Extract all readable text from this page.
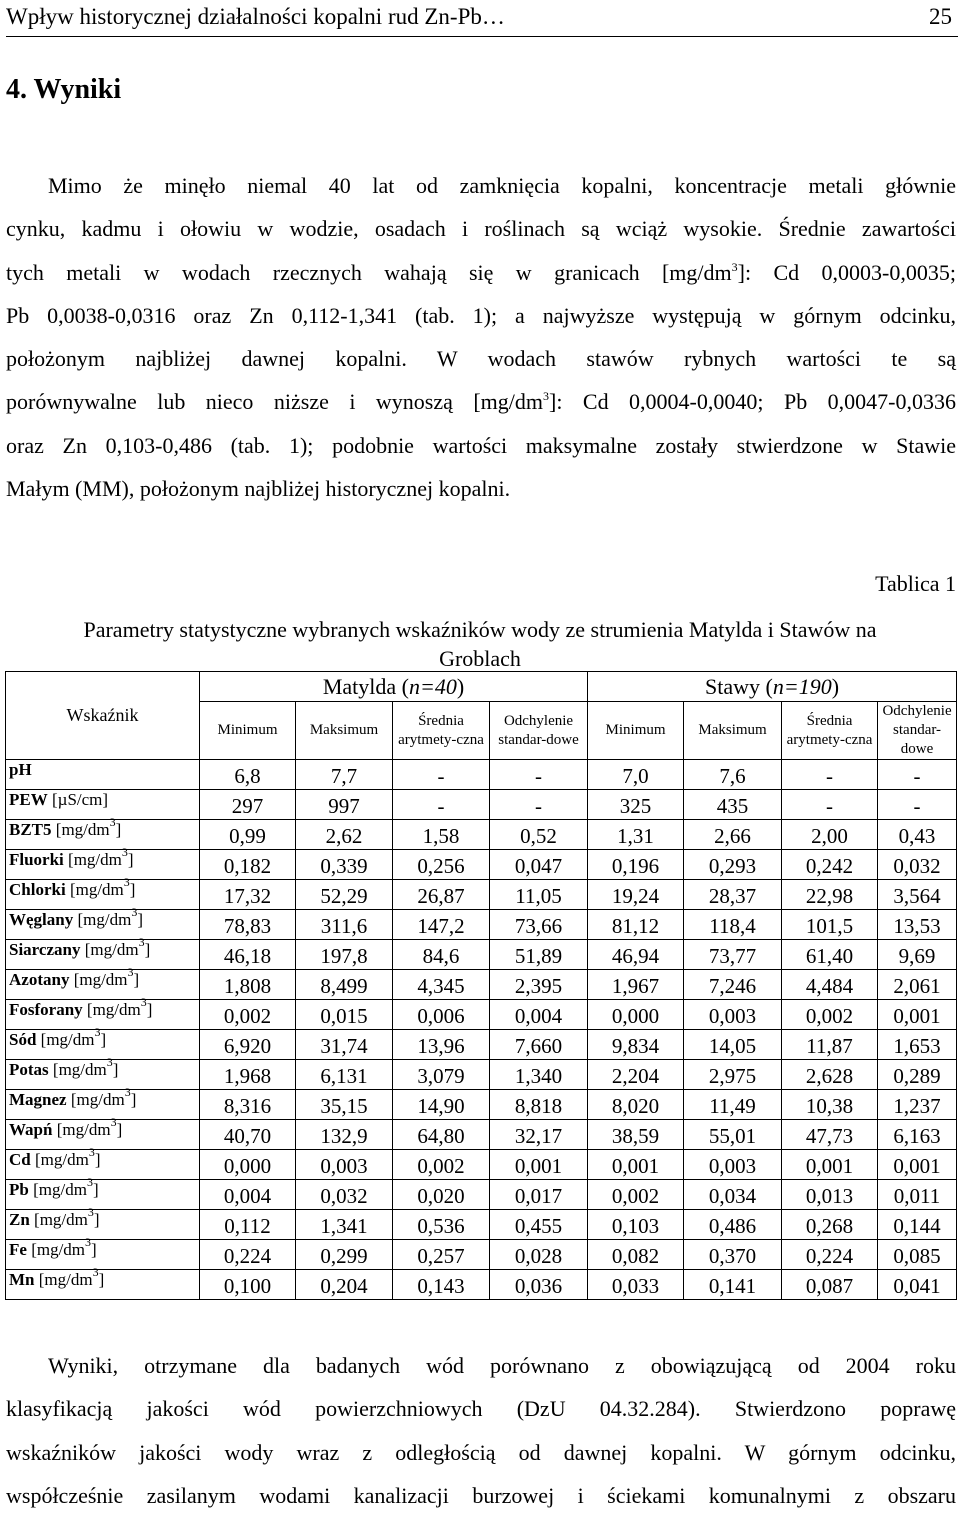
Wpływ historycznej działalności kopalni rud Zn-Pb…	25
4. Wyniki
Mimo że minęło niemal 40 lat od zamknięcia kopalni, koncentracje metali głównie
cynku, kadmu i ołowiu w wodzie, osadach i roślinach są wciąż wysokie. Średnie zawartości
tych metali w wodach rzecznych wahają się w granicach $[mg/dm^3]$: Cd 0,0003-0,0035;
Pb 0,0038-0,0316 oraz Zn 0,112-1,341 (tab. 1); a najwyższe występują w górnym odcinku,
położonym najbliżej dawnej kopalni. W wodach stawów rybnych wartości te są
porównywalne lub nieco niższe i wynoszą $[mg/dm^3]$: Cd 0,0004-0,0040; Pb 0,0047-0,0336
oraz Zn 0,103-0,486 (tab. 1); podobnie wartości maksymalne zostały stwierdzone w Stawie
Małym (MM), położonym najbliżej historycznej kopalni.
Tablica 1
Parametry statystyczne wybranych wskaźników wody ze strumienia Matylda i Stawów na
Groblach
Wskaźnik	Matylda (n=40)				Stawy (n=190)			
	Minimum	Maksimum	Średnia arytmety-czna	Odchylenie standar-dowe	Minimum	Maksimum	Średnia arytmety-czna	Odchylenie standar-dowe
pH	6,8	7,7	-	-	7,0	7,6	-	-
PEW [µS/cm]	297	997	-	-	325	435	-	-
BZT5 $[mg/dm^3]$	0,99	2,62	1,58	0,52	1,31	2,66	2,00	0,43
Fluorki $[mg/dm^3]$	0,182	0,339	0,256	0,047	0,196	0,293	0,242	0,032
Chlorki $[mg/dm^3]$	17,32	52,29	26,87	11,05	19,24	28,37	22,98	3,564
Węglany $[mg/dm^3]$	78,83	311,6	147,2	73,66	81,12	118,4	101,5	13,53
Siarczany $[mg/dm^3]$	46,18	197,8	84,6	51,89	46,94	73,77	61,40	9,69
Azotany $[mg/dm^3]$	1,808	8,499	4,345	2,395	1,967	7,246	4,484	2,061
Fosforany $[mg/dm^3]$	0,002	0,015	0,006	0,004	0,000	0,003	0,002	0,001
Sód $[mg/dm^3]$	6,920	31,74	13,96	7,660	9,834	14,05	11,87	1,653
Potas $[mg/dm^3]$	1,968	6,131	3,079	1,340	2,204	2,975	2,628	0,289
Magnez $[mg/dm^3]$	8,316	35,15	14,90	8,818	8,020	11,49	10,38	1,237
Wapń $[mg/dm^3]$	40,70	132,9	64,80	32,17	38,59	55,01	47,73	6,163
Cd $[mg/dm^3]$	0,000	0,003	0,002	0,001	0,001	0,003	0,001	0,001
Pb $[mg/dm^3]$	0,004	0,032	0,020	0,017	0,002	0,034	0,013	0,011
Zn $[mg/dm^3]$	0,112	1,341	0,536	0,455	0,103	0,486	0,268	0,144
Fe $[mg/dm^3]$	0,224	0,299	0,257	0,028	0,082	0,370	0,224	0,085
Mn $[mg/dm^3]$	0,100	0,204	0,143	0,036	0,033	0,141	0,087	0,041
Wyniki, otrzymane dla badanych wód porównano z obowiązującą od 2004 roku
klasyfikacją jakości wód powierzchniowych (DzU 04.32.284). Stwierdzono poprawę
wskaźników jakości wody wraz z odległością od dawnej kopalni. W górnym odcinku,
współcześnie zasilanym wodami kanalizacji burzowej i ściekami komunalnymi z obszaru
